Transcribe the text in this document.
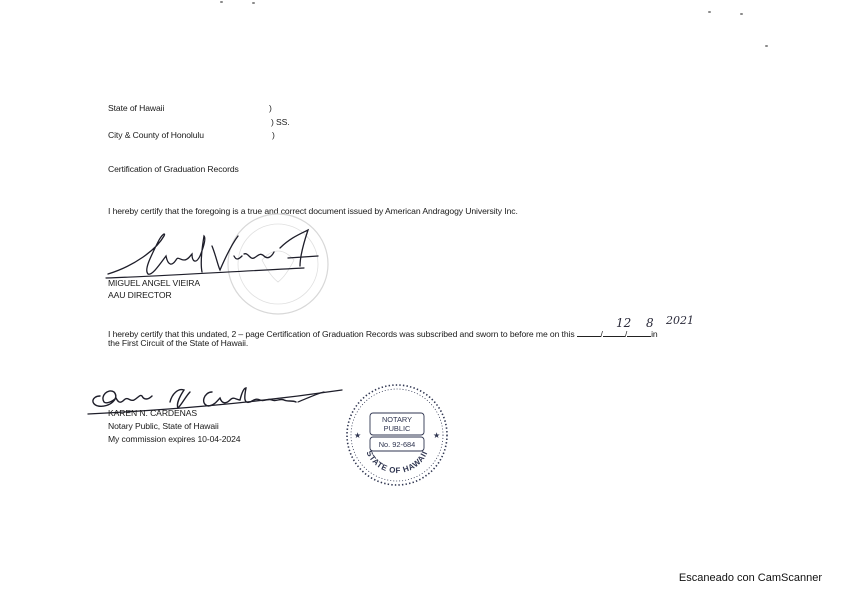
State of Hawaii	)
) SS.
City & County of Honolulu	)
Certification of Graduation Records
I hereby certify that the foregoing is a true and correct document issued by American Andragogy University Inc.
MIGUEL ANGEL VIEIRA
AAU DIRECTOR
I hereby certify that this undated, 2 – page Certification of Graduation Records was subscribed and sworn to before me on this	/	/	in
the First Circuit of the State of Hawaii.
12 8 2021
KAREN N. CARDENAS
Notary Public, State of Hawaii
My commission expires 10-04-2024
STATE OF HAWAII
★	★
NOTARY
PUBLIC
No. 92-684
Escaneado con CamScanner
